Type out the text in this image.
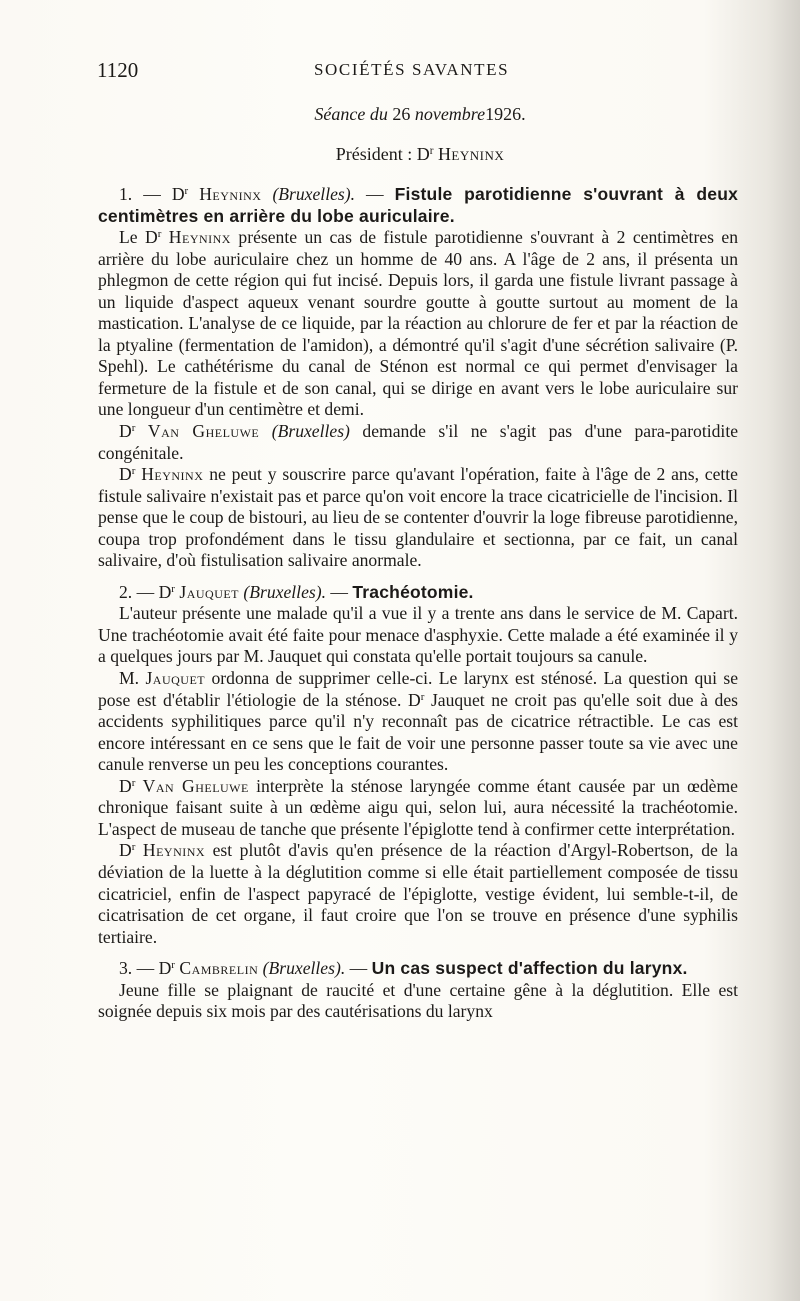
1120	SOCIÉTÉS SAVANTES
Séance du 26 novembre1926.
Président : $D^r$ Heyninx

1. — $D^r$ Heyninx (Bruxelles). — Fistule parotidienne s'ouvrant à deux centimètres en arrière du lobe auriculaire.

Le $D^r$ Heyninx présente un cas de fistule parotidienne s'ouvrant à 2 centimètres en arrière du lobe auriculaire chez un homme de 40 ans. A l'âge de 2 ans, il présenta un phlegmon de cette région qui fut incisé. Depuis lors, il garda une fistule livrant passage à un liquide d'aspect aqueux venant sourdre goutte à goutte surtout au moment de la mastication. L'analyse de ce liquide, par la réaction au chlorure de fer et par la réaction de la ptyaline (fermentation de l'amidon), a démontré qu'il s'agit d'une sécrétion salivaire (P. Spehl). Le cathétérisme du canal de Sténon est normal ce qui permet d'envisager la fermeture de la fistule et de son canal, qui se dirige en avant vers le lobe auriculaire sur une longueur d'un centimètre et demi.

$D^r$ Van Gheluwe (Bruxelles) demande s'il ne s'agit pas d'une para-parotidite congénitale.

$D^r$ Heyninx ne peut y souscrire parce qu'avant l'opération, faite à l'âge de 2 ans, cette fistule salivaire n'existait pas et parce qu'on voit encore la trace cicatricielle de l'incision. Il pense que le coup de bistouri, au lieu de se contenter d'ouvrir la loge fibreuse parotidienne, coupa trop profondément dans le tissu glandulaire et sectionna, par ce fait, un canal salivaire, d'où fistulisation salivaire anormale.

2. — $D^r$ Jauquet (Bruxelles). — Trachéotomie.

L'auteur présente une malade qu'il a vue il y a trente ans dans le service de M. Capart. Une trachéotomie avait été faite pour menace d'asphyxie. Cette malade a été examinée il y a quelques jours par M. Jauquet qui constata qu'elle portait toujours sa canule.

M. Jauquet ordonna de supprimer celle-ci. Le larynx est sténosé. La question qui se pose est d'établir l'étiologie de la sténose. $D^r$ Jauquet ne croit pas qu'elle soit due à des accidents syphilitiques parce qu'il n'y reconnaît pas de cicatrice rétractible. Le cas est encore intéressant en ce sens que le fait de voir une personne passer toute sa vie avec une canule renverse un peu les conceptions courantes.

$D^r$ Van Gheluwe interprète la sténose laryngée comme étant causée par un œdème chronique faisant suite à un œdème aigu qui, selon lui, aura nécessité la trachéotomie. L'aspect de museau de tanche que présente l'épiglotte tend à confirmer cette interprétation.

$D^r$ Heyninx est plutôt d'avis qu'en présence de la réaction d'Argyl-Robertson, de la déviation de la luette à la déglutition comme si elle était partiellement composée de tissu cicatriciel, enfin de l'aspect papyracé de l'épiglotte, vestige évident, lui semble-t-il, de cicatrisation de cet organe, il faut croire que l'on se trouve en présence d'une syphilis tertiaire.

3. — $D^r$ Cambrelin (Bruxelles). — Un cas suspect d'affection du larynx.

Jeune fille se plaignant de raucité et d'une certaine gêne à la déglutition. Elle est soignée depuis six mois par des cautérisations du larynx
